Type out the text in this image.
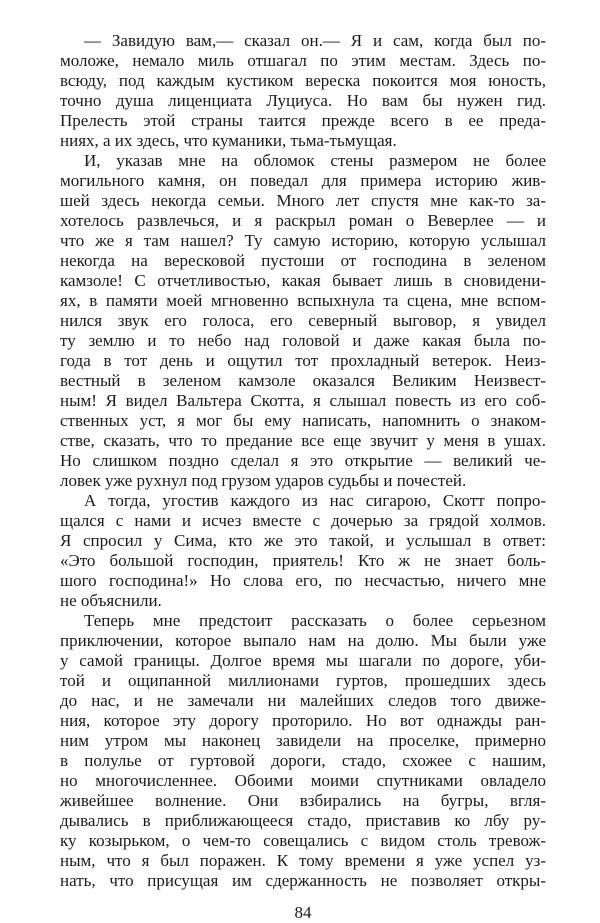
— Завидую вам,— сказал он.— Я и сам, когда был по-
моложе, немало миль отшагал по этим местам. Здесь по-
всюду, под каждым кустиком вереска покоится моя юность,
точно душа лиценциата Луциуса. Но вам бы нужен гид.
Прелесть этой страны таится прежде всего в ее преда-
ниях, а их здесь, что куманики, тьма-тьмущая.
И, указав мне на обломок стены размером не более
могильного камня, он поведал для примера историю жив-
шей здесь некогда семьи. Много лет спустя мне как-то за-
хотелось развлечься, и я раскрыл роман о Веверлее — и
что же я там нашел? Ту самую историю, которую услышал
некогда на вересковой пустоши от господина в зеленом
камзоле! С отчетливостью, какая бывает лишь в сновидени-
ях, в памяти моей мгновенно вспыхнула та сцена, мне вспом-
нился звук его голоса, его северный выговор, я увидел
ту землю и то небо над головой и даже какая была по-
года в тот день и ощутил тот прохладный ветерок. Неиз-
вестный в зеленом камзоле оказался Великим Неизвест-
ным! Я видел Вальтера Скотта, я слышал повесть из его соб-
ственных уст, я мог бы ему написать, напомнить о знаком-
стве, сказать, что то предание все еще звучит у меня в ушах.
Но слишком поздно сделал я это открытие — великий че-
ловек уже рухнул под грузом ударов судьбы и почестей.
А тогда, угостив каждого из нас сигарою, Скотт попро-
щался с нами и исчез вместе с дочерью за грядой холмов.
Я спросил у Сима, кто же это такой, и услышал в ответ:
«Это большой господин, приятель! Кто ж не знает боль-
шого господина!» Но слова его, по несчастью, ничего мне
не объяснили.
Теперь мне предстоит рассказать о более серьезном
приключении, которое выпало нам на долю. Мы были уже
у самой границы. Долгое время мы шагали по дороге, уби-
той и ощипанной миллионами гуртов, прошедших здесь
до нас, и не замечали ни малейших следов того движе-
ния, которое эту дорогу проторило. Но вот однажды ран-
ним утром мы наконец завидели на проселке, примерно
в полулье от гуртовой дороги, стадо, схожее с нашим,
но многочисленнее. Обоими моими спутниками овладело
живейшее волнение. Они взбирались на бугры, вгля-
дывались в приближающееся стадо, приставив ко лбу ру-
ку козырьком, о чем-то совещались с видом столь тревож-
ным, что я был поражен. К тому времени я уже успел уз-
нать, что присущая им сдержанность не позволяет откры-
84
